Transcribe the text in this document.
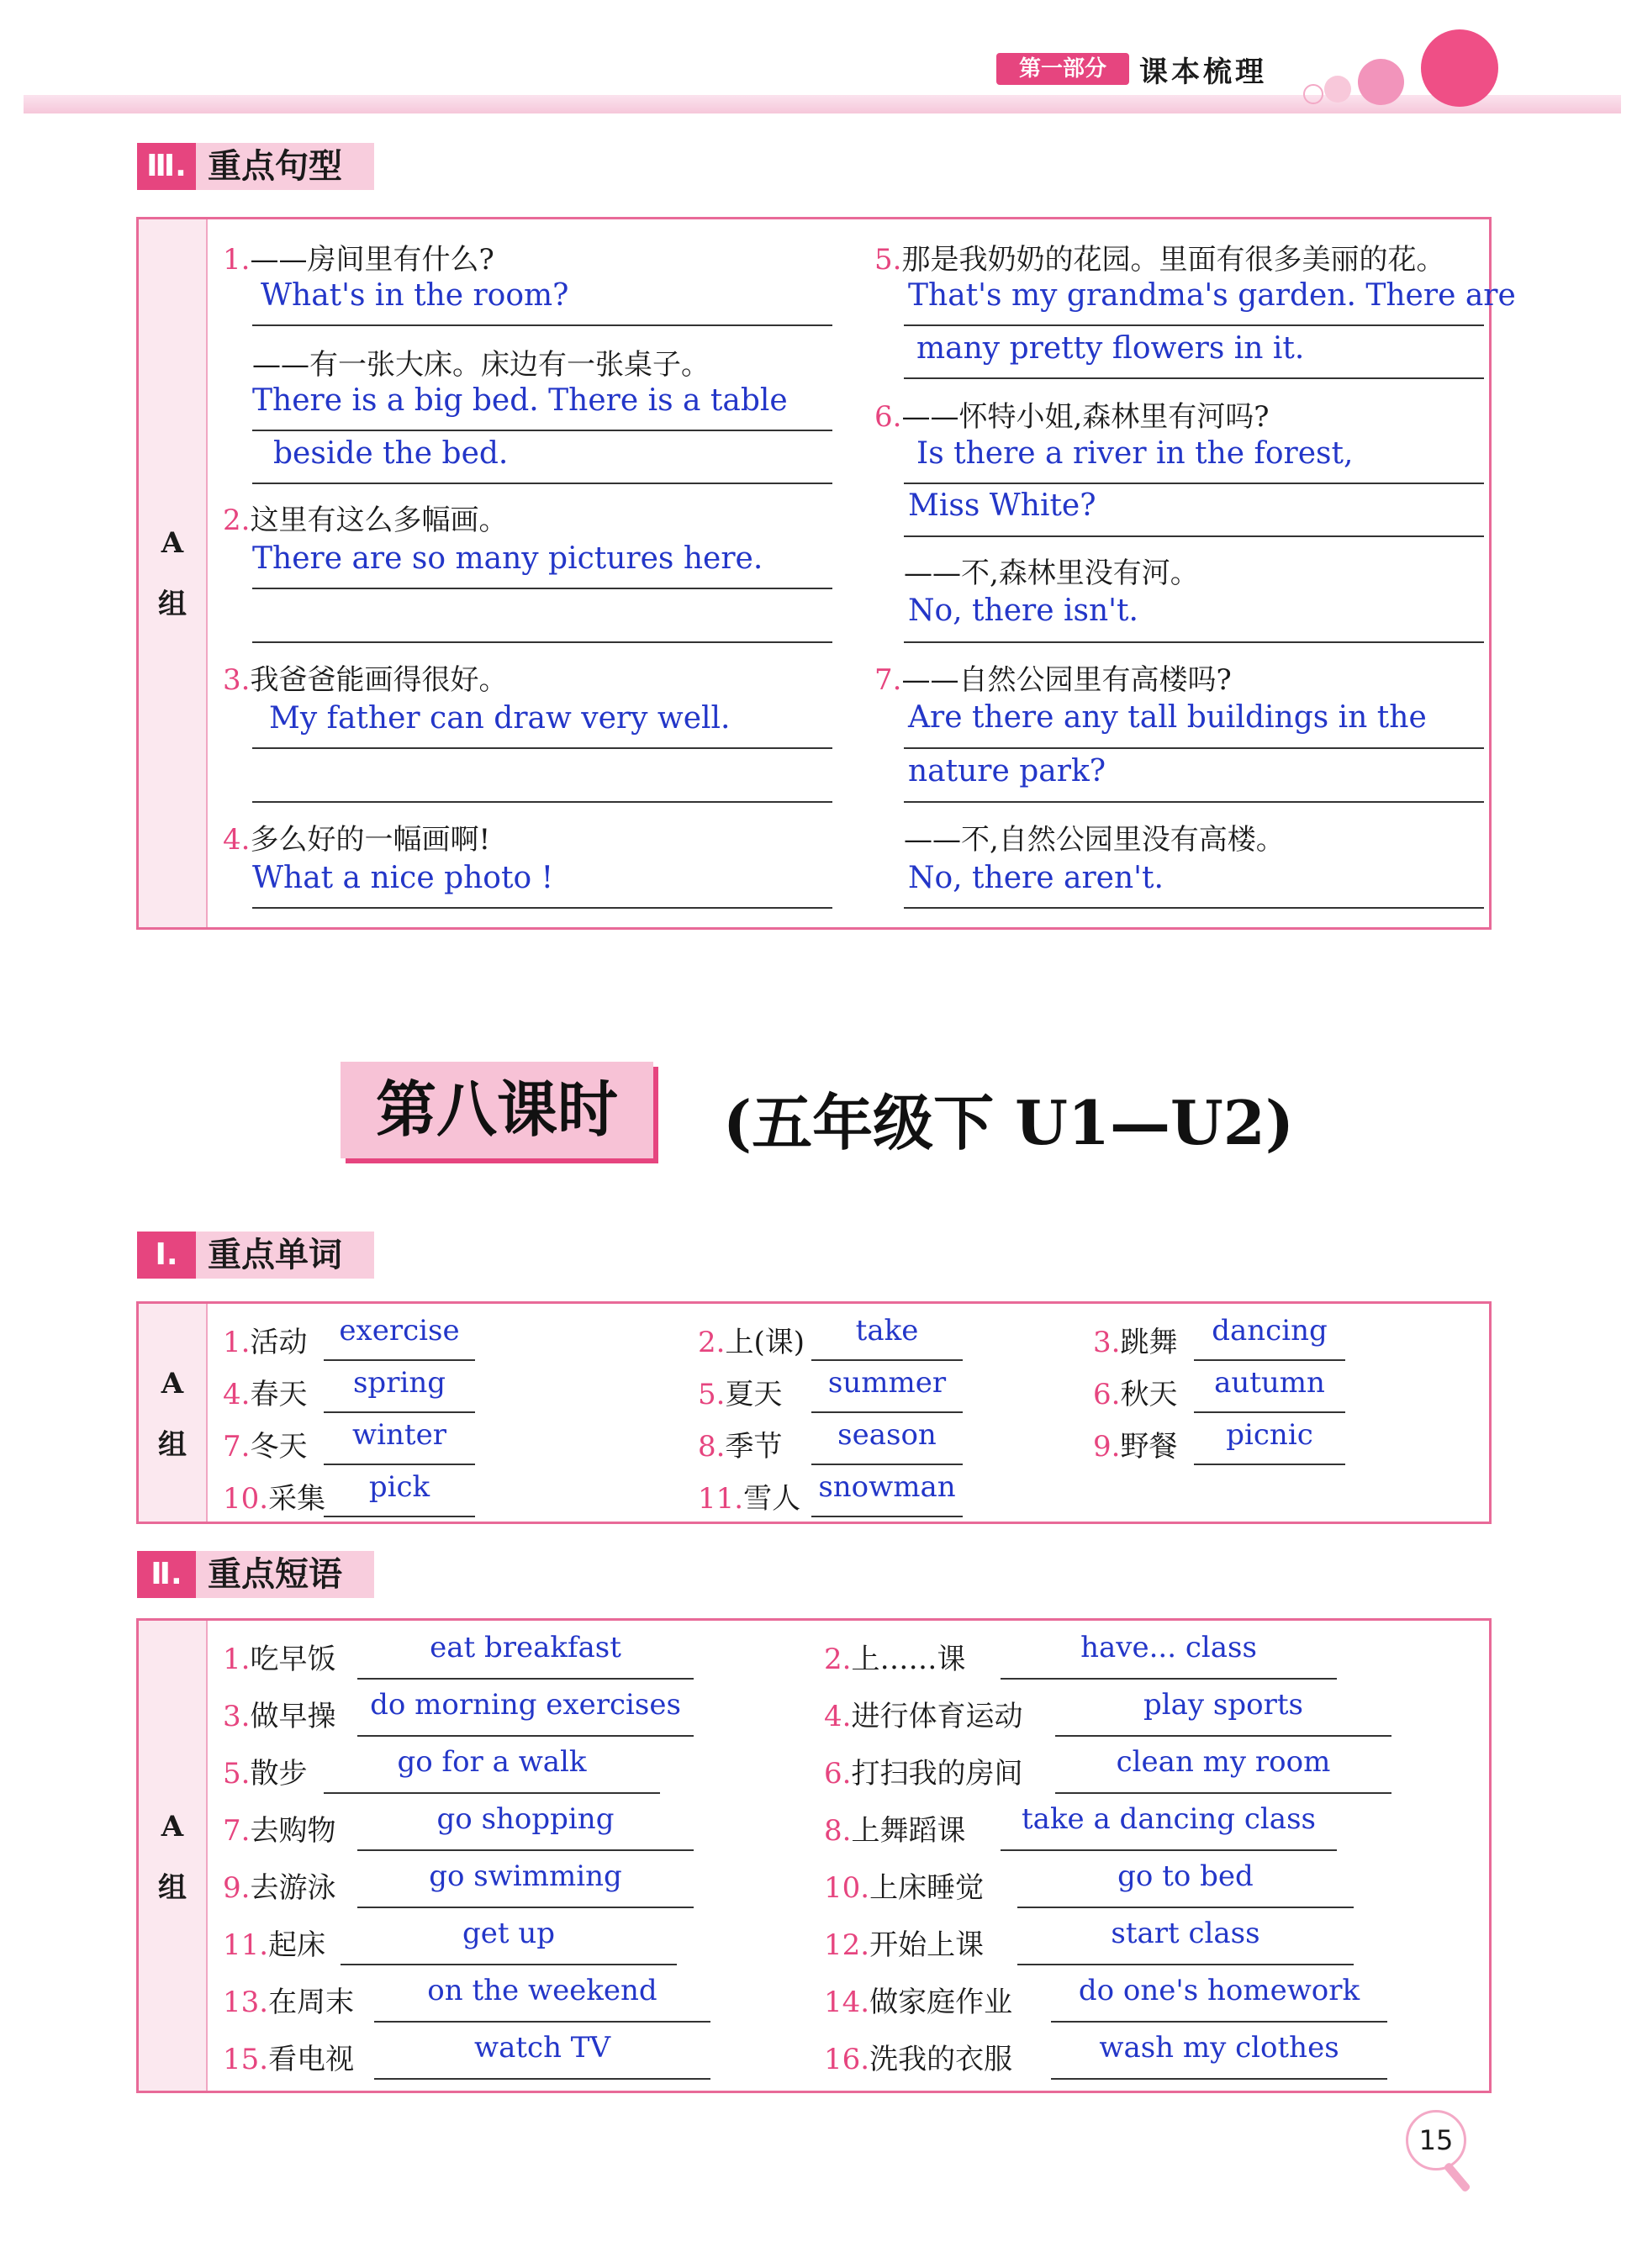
第一部分	课本梳理
Ⅲ. 重点句型
A
组
1.——房间里有什么?
What's in the room?
——有一张大床。床边有一张桌子。
There is a big bed. There is a table
beside the bed.
2.这里有这么多幅画。
There are so many pictures here.
3.我爸爸能画得很好。
My father can draw very well.
4.多么好的一幅画啊!
What a nice photo !
5.那是我奶奶的花园。里面有很多美丽的花。
That's my grandma's garden. There are
many pretty flowers in it.
6.——怀特小姐,森林里有河吗?
Is there a river in the forest,
Miss White?
——不,森林里没有河。
No, there isn't.
7.——自然公园里有高楼吗?
Are there any tall buildings in the
nature park?
——不,自然公园里没有高楼。
No, there aren't.
第八课时	(五年级下 U1—U2)
Ⅰ. 重点单词
A
组
1.活动	exercise	2.上(课)	take	3.跳舞	dancing
4.春天	spring	5.夏天	summer	6.秋天	autumn
7.冬天	winter	8.季节	season	9.野餐	picnic
10.采集	pick	11.雪人 snowman
Ⅱ. 重点短语
A
组
1.吃早饭	eat breakfast	2.上……课	have... class
3.做早操	do morning exercises	4.进行体育运动	play sports
5.散步	go for a walk	6.打扫我的房间	clean my room
7.去购物	go shopping	8.上舞蹈课	take a dancing class
9.去游泳	go swimming	10.上床睡觉	go to bed
11.起床	get up	12.开始上课	start class
13.在周末	on the weekend	14.做家庭作业	do one's homework
15.看电视	watch TV	16.洗我的衣服	wash my clothes
15
